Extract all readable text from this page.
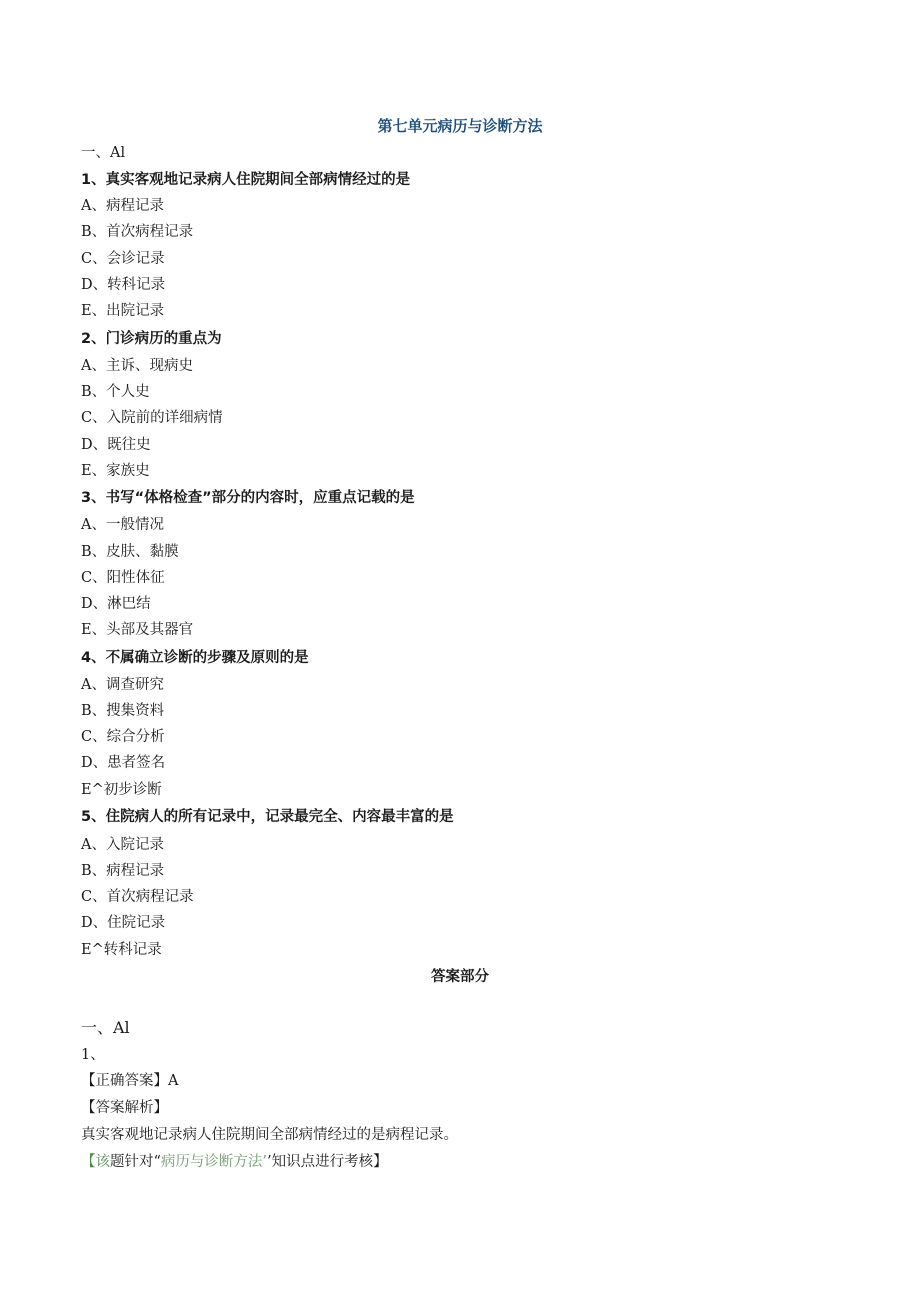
第七单元病历与诊断方法
一、Al
1、真实客观地记录病人住院期间全部病情经过的是
A、病程记录
B、首次病程记录
C、会诊记录
D、转科记录
E、出院记录
2、门诊病历的重点为
A、主诉、现病史
B、个人史
C、入院前的详细病情
D、既往史
E、家族史
3、书写“体格检查”部分的内容时，应重点记载的是
A、一般情况
B、皮肤、黏膜
C、阳性体征
D、淋巴结
E、头部及其器官
4、不属确立诊断的步骤及原则的是
A、调查研究
B、搜集资料
C、综合分析
D、患者签名
E^初步诊断
5、住院病人的所有记录中，记录最完全、内容最丰富的是
A、入院记录
B、病程记录
C、首次病程记录
D、住院记录
E^转科记录
答案部分
一、Al
1、
【正确答案】A
【答案解析】
真实客观地记录病人住院期间全部病情经过的是病程记录。
【该题针对“病历与诊断方法’’知识点进行考核】
